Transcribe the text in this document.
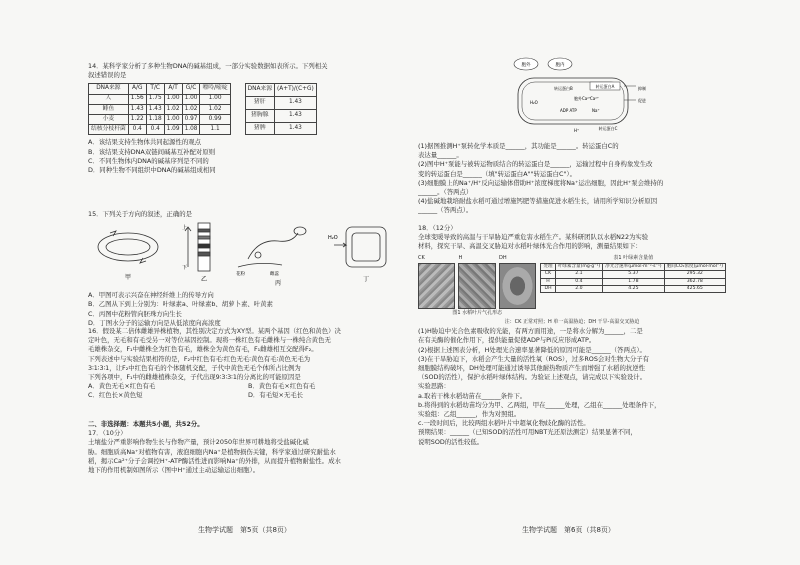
14．某科学家分析了多种生物DNA的碱基组成，一部分实验数据如表所示。下列相关

叙述错误的是

DNA来源	A/G	T/C	A/T	G/C	嘌呤/嘧啶
人	1.56	1.75	1.00	1.00	1.00
鲱鱼	1.43	1.43	1.02	1.02	1.02
小麦	1.22	1.18	1.00	0.97	0.99
结核分枝杆菌	0.4	0.4	1.09	1.08	1.1
DNA来源	(A+T)/(C+G)
猪肝	1.43
猪胸腺	1.43
猪脾	1.43

A．该结果支持生物体共同起源性的观点

B．该结果支持DNA双链间碱基互补配对原则

C．不同生物体内DNA的碱基序列是不同的

D．同种生物不同组织中DNA的碱基组成相同

15．下列关于方向的叙述，正确的是

甲
上
下
乙
花粉	雌蕊
丙
H₂O
丁

A．甲图可表示兴奋在神经纤维上的传导方向

B．乙图从下到上分别为：叶绿素a、叶绿素b、胡萝卜素、叶黄素

C．丙图中花粉管向胚珠方向生长

D．丁图水分子的运输方向是从低浓度向高浓度

16．假设某二倍体雌雄异株植物，其性别决定方式为XY型。某两个基因（红色和黄色）决

定叶色，无毛和有毛受另一对等位基因控制。现将一株红色有毛雌株与一株纯合黄色无

毛雄株杂交，F₁中雌株全为红色有毛，雄株全为黄色有毛，F₁雌雄相互交配得F₂。

下列表述中与实验结果相符的是，F₂中红色有毛∶红色无毛∶黄色有毛∶黄色无毛为

3∶1∶3∶1，让F₂中红色有毛的个体随机交配，子代中黄色无毛个体所占比例为

下列各项中，F₁中的雌雄植株杂交，子代出现9∶3∶3∶1的分离比的可能原因是

A．黄色无毛×红色有毛	B．黄色有毛×红色有毛
C．红色长×黄色短	D．有毛短×无毛长

二、非选择题：本题共5小题，共52分。

17．（10分）

土壤盐分严重影响作物生长与作物产量，预计2050年世界可耕地将受盐碱化威

胁。细胞质高Na⁺对植物有害，液泡细胞内Na⁺是植物损伤关键，科学家通过研究耐盐水

稻，揭示Ca²⁺分子会调控H⁺-ATP酶活性进而影响Na⁺的外排，从而提升植物耐盐性。成水

地下的作用机制如图所示（图中H⁺通过主动运输运出细胞）。

生物学试题　第5页（共8页）
胞外	胞内
转运蛋白A
转运蛋白C
转运蛋白B
H₂O
ADP ATP	Na⁺
H⁺
胞外Ca²⁺
抑制
促进
Ca²⁺

(1)据图推测H⁺泵转化学本质是______，其功能是______。转运蛋白C的

表达量______。

(2)图中H⁺泵能与被转运物质结合的转运蛋白是______，运输过程中自身构象发生改

变的转运蛋白是______（填"转运蛋白A""转运蛋白C"）。

(3)细胞膜上的Na⁺/H⁺反向运输体借助H⁺浓度梯度将Na⁺运出细胞，因此H⁺泵会维持的

______。（答两点）

(4)盐碱地栽培耐盐水稻可通过增施钙肥等措施促进水稻生长，请用所学知识分析原因

______（答两点）。

18．（12分）

全球变暖导致的高温与干旱胁迫严重危害水稻生产。某科研团队以水稻N22为实验

材料，探究干旱、高温交叉胁迫对水稻叶绿体光合作用的影响，测量结果如下：

CK	H	DH
图1 水稻叶片气孔形态
表1 叶绿素含量值
处理	叶绿素含量(mg·g⁻¹)	净光合速率(μmol·m⁻²·s⁻¹)	胞间CO₂浓度(μmol·mol⁻¹)
CK	2.1	5.37	295.32
H	0.4	1.78	362.78
DH	2.0	4.25	425.65

注：CK 正常对照；H 单一高温胁迫；DH 干旱-高温交叉胁迫

(1)H胁迫中光合色素吸收的光能，有两方面用途，一是将水分解为______，二是

在有关酶的催化作用下，提供能量促使ADP与Pi反应形成ATP。

(2)根据上述图表分析，H处理光合速率显著降低的原因可能是______（答两点）。

(3)在干旱胁迫下，水稻会产生大量的活性氧（ROS），过多ROS会对生物大分子有

细胞膜结构破坏，DH处理可能通过诱导其他耐热物质产生而增强了水稻的抗逆性

（SOD的活性），保护水稻叶绿体结构。为验证上述观点，请完成以下实验设计。

实验思路：

a.取若干株水稻幼苗在______条件下。

b.将得到的水稻幼苗均分为甲、乙两组，甲在______处理，乙组在______处理条件下，

实验组：乙组______，作为对照组。

c.一段时间后，比较两组水稻叶片中超氧化物歧化酶的活性。

预期结果：______（已知SOD的活性可用NBT光还原法测定）结果显著不同，

说明SOD的活性较低。

生物学试题　第6页（共8页）
